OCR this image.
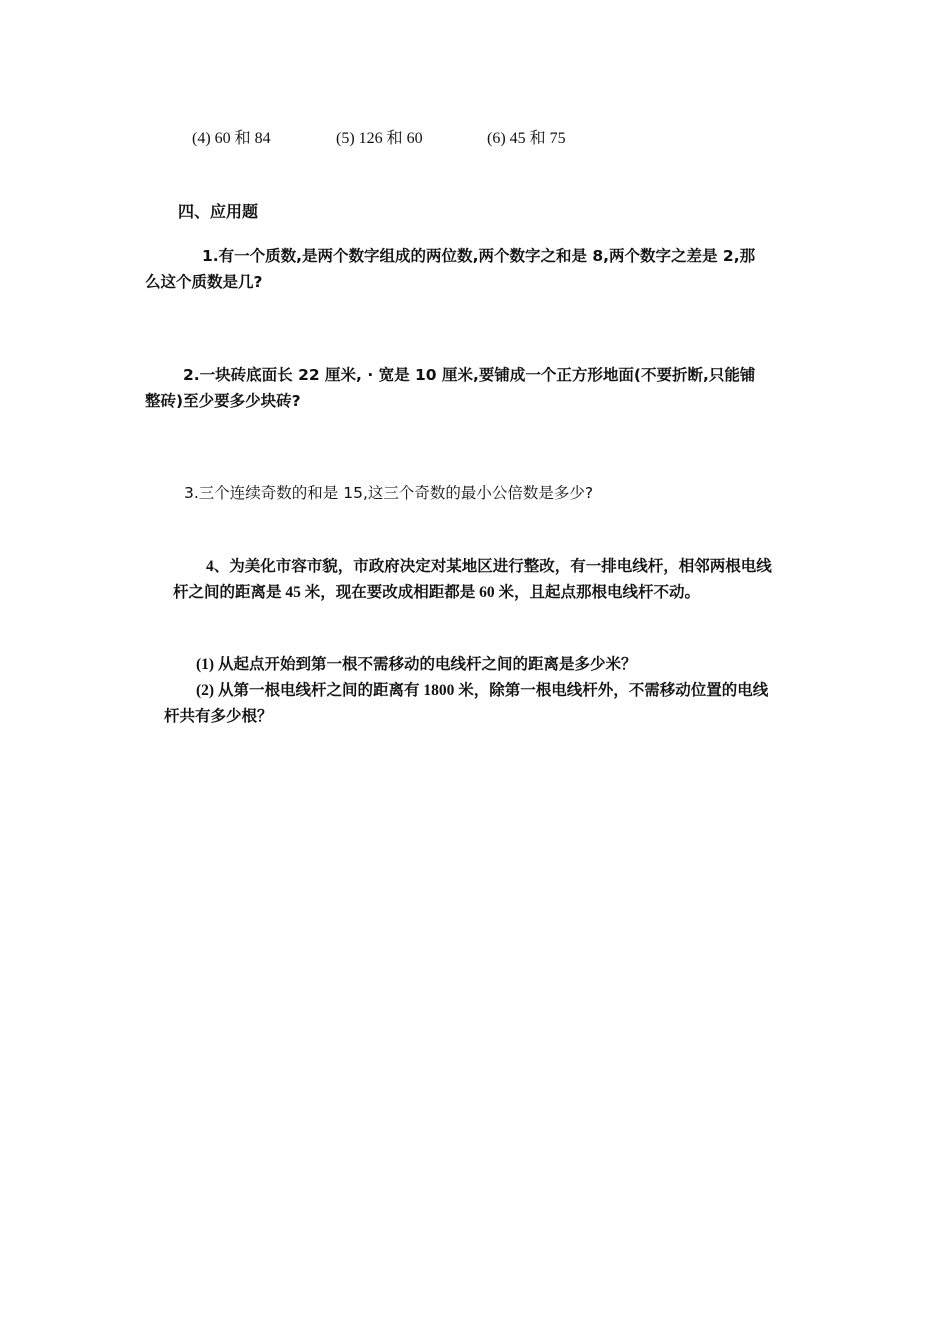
(4) 60 和 84	(5) 126 和 60	(6) 45 和 75
四、应用题
1.有一个质数,是两个数字组成的两位数,两个数字之和是 8,两个数字之差是 2,那
么这个质数是几?
2.一块砖底面长 22 厘米, · 宽是 10 厘米,要铺成一个正方形地面(不要折断,只能铺
整砖)至少要多少块砖?
3.三个连续奇数的和是 15,这三个奇数的最小公倍数是多少?
4、为美化市容市貌，市政府决定对某地区进行整改，有一排电线杆，相邻两根电线
杆之间的距离是 45 米，现在要改成相距都是 60 米，且起点那根电线杆不动。
(1) 从起点开始到第一根不需移动的电线杆之间的距离是多少米？
(2) 从第一根电线杆之间的距离有 1800 米，除第一根电线杆外，不需移动位置的电线
杆共有多少根？
